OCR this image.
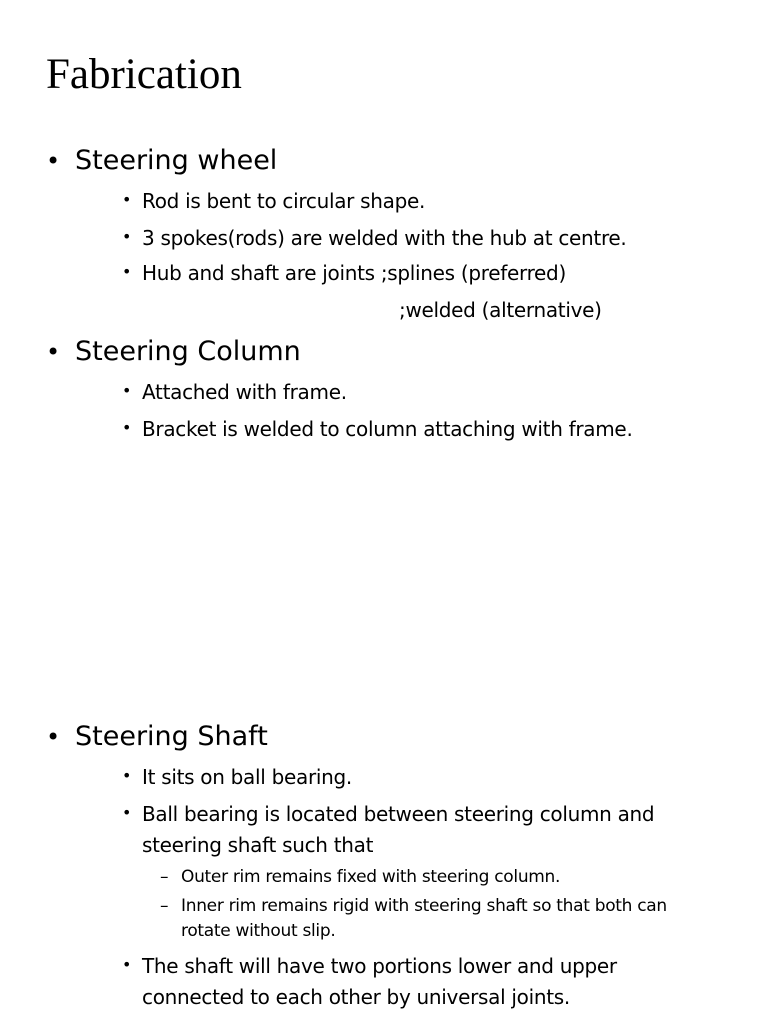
Fabrication
• Steering wheel
• Rod is bent to circular shape.
• 3 spokes(rods) are welded with the hub at centre.
• Hub and shaft are joints ;splines (preferred)
;welded (alternative)
• Steering Column
• Attached with frame.
• Bracket is welded to column attaching with frame.
• Steering Shaft
• It sits on ball bearing.
• Ball bearing is located between steering column and
steering shaft such that
– Outer rim remains fixed with steering column.
– Inner rim remains rigid with steering shaft so that both can
rotate without slip.
• The shaft will have two portions lower and upper
connected to each other by universal joints.
